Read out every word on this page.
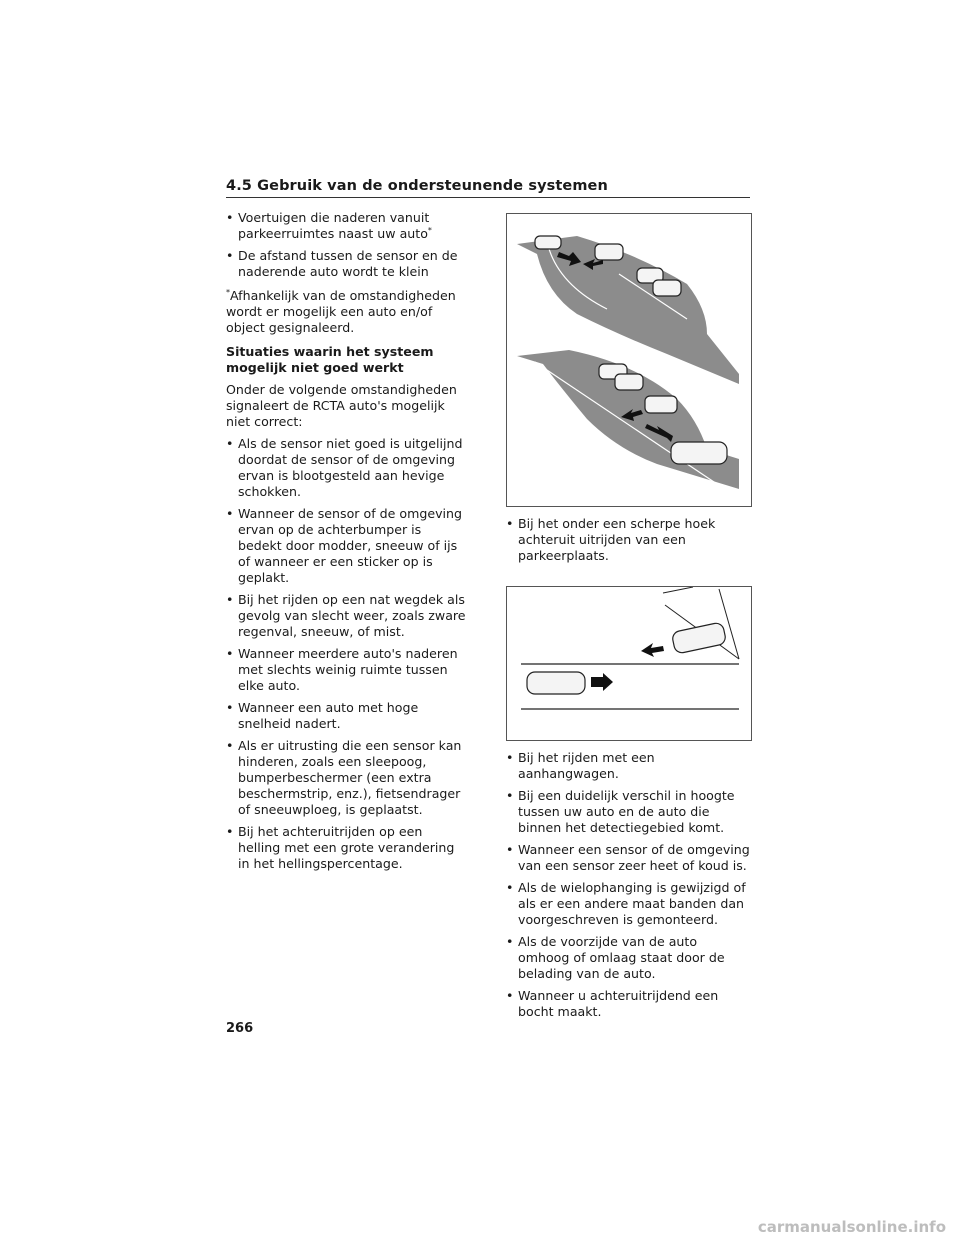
4.5 Gebruik van de ondersteunende systemen
• Voertuigen die naderen vanuit parkeerruimtes naast uw auto*
• De afstand tussen de sensor en de naderende auto wordt te klein

*Afhankelijk van de omstandigheden wordt er mogelijk een auto en/of object gesignaleerd.

Situaties waarin het systeem mogelijk niet goed werkt

Onder de volgende omstandigheden signaleert de RCTA auto's mogelijk niet correct:

• Als de sensor niet goed is uitgelijnd doordat de sensor of de omgeving ervan is blootgesteld aan hevige schokken.
• Wanneer de sensor of de omgeving ervan op de achterbumper is bedekt door modder, sneeuw of ijs of wanneer er een sticker op is geplakt.
• Bij het rijden op een nat wegdek als gevolg van slecht weer, zoals zware regenval, sneeuw, of mist.
• Wanneer meerdere auto's naderen met slechts weinig ruimte tussen elke auto.
• Wanneer een auto met hoge snelheid nadert.
• Als er uitrusting die een sensor kan hinderen, zoals een sleepoog, bumperbeschermer (een extra beschermstrip, enz.), fietsendrager of sneeuwploeg, is geplaatst.
• Bij het achteruitrijden op een helling met een grote verandering in het hellingspercentage.
• Bij het onder een scherpe hoek achteruit uitrijden van een parkeerplaats.
• Bij het rijden met een aanhangwagen.
• Bij een duidelijk verschil in hoogte tussen uw auto en de auto die binnen het detectiegebied komt.
• Wanneer een sensor of de omgeving van een sensor zeer heet of koud is.
• Als de wielophanging is gewijzigd of als er een andere maat banden dan voorgeschreven is gemonteerd.
• Als de voorzijde van de auto omhoog of omlaag staat door de belading van de auto.
• Wanneer u achteruitrijdend een bocht maakt.
266
carmanualsonline.info
